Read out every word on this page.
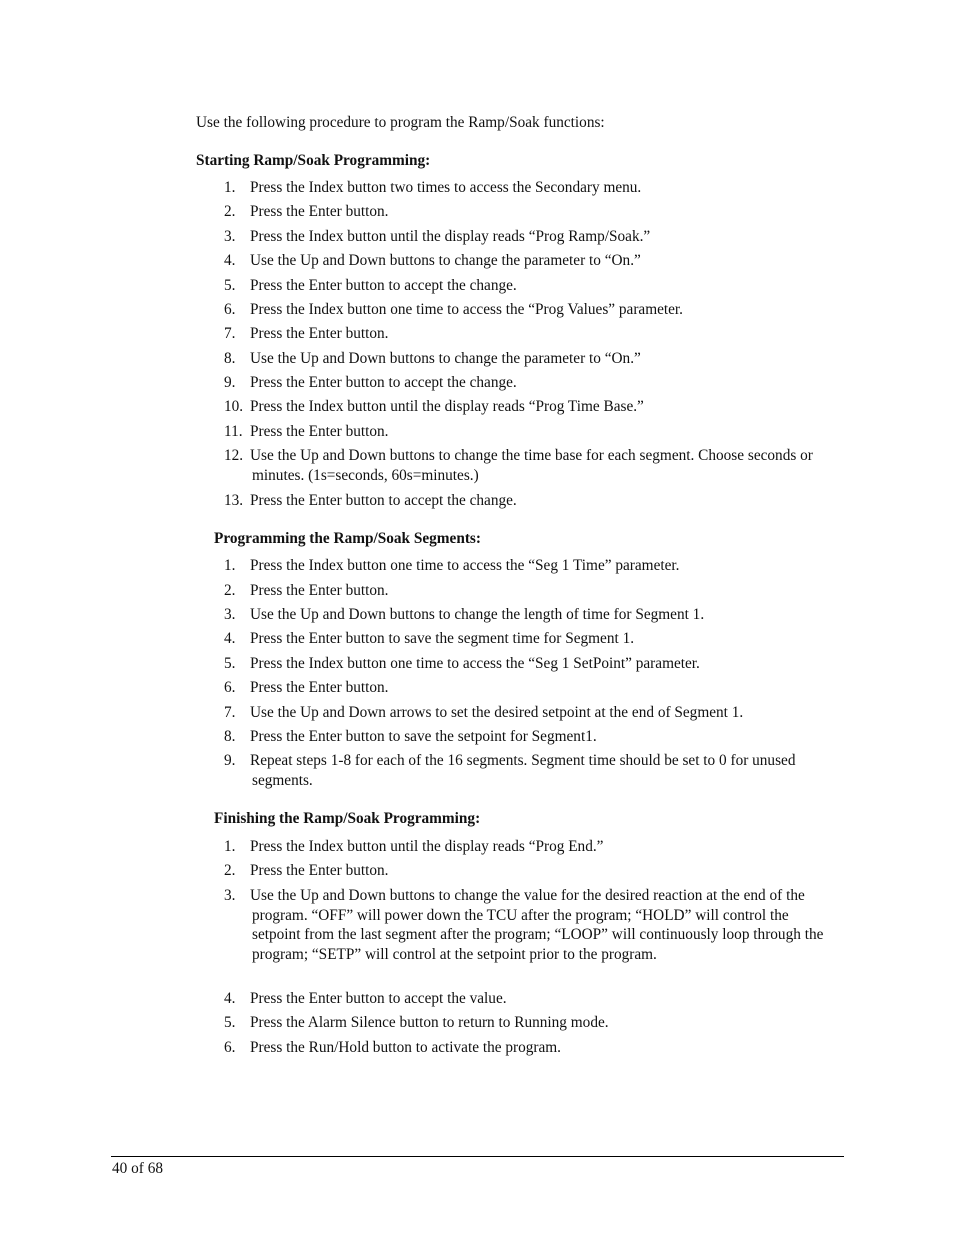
Use the following procedure to program the Ramp/Soak functions:

Starting Ramp/Soak Programming:
1. Press the Index button two times to access the Secondary menu.
2. Press the Enter button.
3. Press the Index button until the display reads “Prog Ramp/Soak.”
4. Use the Up and Down buttons to change the parameter to “On.”
5. Press the Enter button to accept the change.
6. Press the Index button one time to access the “Prog Values” parameter.
7. Press the Enter button.
8. Use the Up and Down buttons to change the parameter to “On.”
9. Press the Enter button to accept the change.
10. Press the Index button until the display reads “Prog Time Base.”
11. Press the Enter button.
12. Use the Up and Down buttons to change the time base for each segment. Choose seconds or minutes. (1s=seconds, 60s=minutes.)
13. Press the Enter button to accept the change.
Programming the Ramp/Soak Segments:
1. Press the Index button one time to access the “Seg 1 Time” parameter.
2. Press the Enter button.
3. Use the Up and Down buttons to change the length of time for Segment 1.
4. Press the Enter button to save the segment time for Segment 1.
5. Press the Index button one time to access the “Seg 1 SetPoint” parameter.
6. Press the Enter button.
7. Use the Up and Down arrows to set the desired setpoint at the end of Segment 1.
8. Press the Enter button to save the setpoint for Segment1.
9. Repeat steps 1-8 for each of the 16 segments. Segment time should be set to 0 for unused segments.
Finishing the Ramp/Soak Programming:
1. Press the Index button until the display reads “Prog End.”
2. Press the Enter button.
3. Use the Up and Down buttons to change the value for the desired reaction at the end of the program. “OFF” will power down the TCU after the program; “HOLD” will control the setpoint from the last segment after the program; “LOOP” will continuously loop through the program; “SETP” will control at the setpoint prior to the program.
4. Press the Enter button to accept the value.
5. Press the Alarm Silence button to return to Running mode.
6. Press the Run/Hold button to activate the program.
40 of 68
